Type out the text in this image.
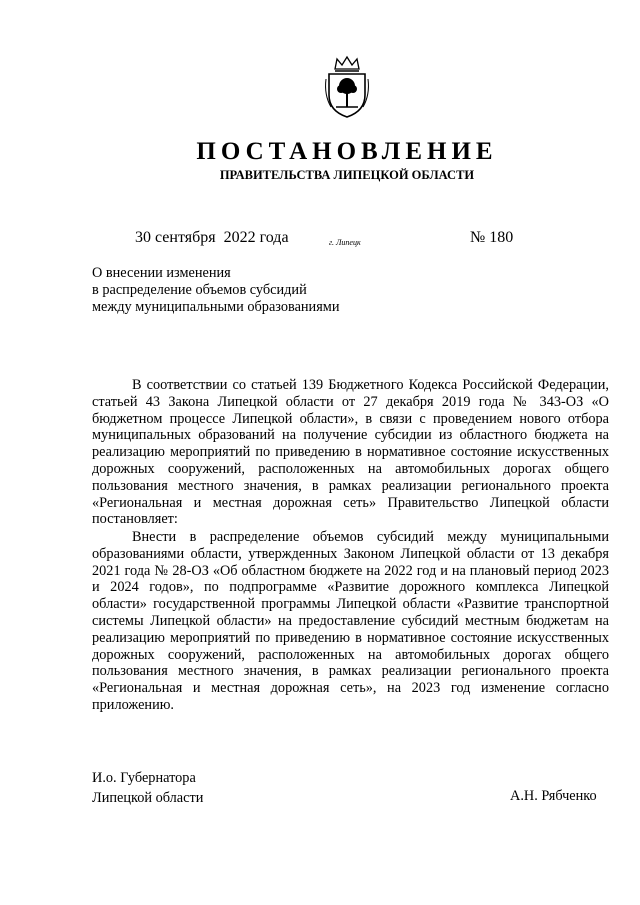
ПОСТАНОВЛЕНИЕ
ПРАВИТЕЛЬСТВА ЛИПЕЦКОЙ ОБЛАСТИ
30 сентября  2022 года	г. Липецк	№ 180
О внесении изменения
в распределение объемов субсидий
между муниципальными образованиями
В соответствии со статьей 139 Бюджетного Кодекса Российской Федерации, статьей 43 Закона Липецкой области от 27 декабря 2019 года № 343-ОЗ «О бюджетном процессе Липецкой области», в связи с проведением нового отбора муниципальных образований на получение субсидии из областного бюджета на реализацию мероприятий по приведению в нормативное состояние искусственных дорожных сооружений, расположенных на автомобильных дорогах общего пользования местного значения, в рамках реализации регионального проекта «Региональная и местная дорожная сеть» Правительство Липецкой области постановляет:
Внести в распределение объемов субсидий между муниципальными образованиями области, утвержденных Законом Липецкой области от 13 декабря 2021 года № 28-ОЗ «Об областном бюджете на 2022 год и на плановый период 2023 и 2024 годов», по подпрограмме «Развитие дорожного комплекса Липецкой области» государственной программы Липецкой области «Развитие транспортной системы Липецкой области» на предоставление субсидий местным бюджетам на реализацию мероприятий по приведению в нормативное состояние искусственных дорожных сооружений, расположенных на автомобильных дорогах общего пользования местного значения, в рамках реализации регионального проекта «Региональная и местная дорожная сеть», на 2023 год изменение согласно приложению.
И.о. Губернатора
Липецкой области	А.Н. Рябченко
